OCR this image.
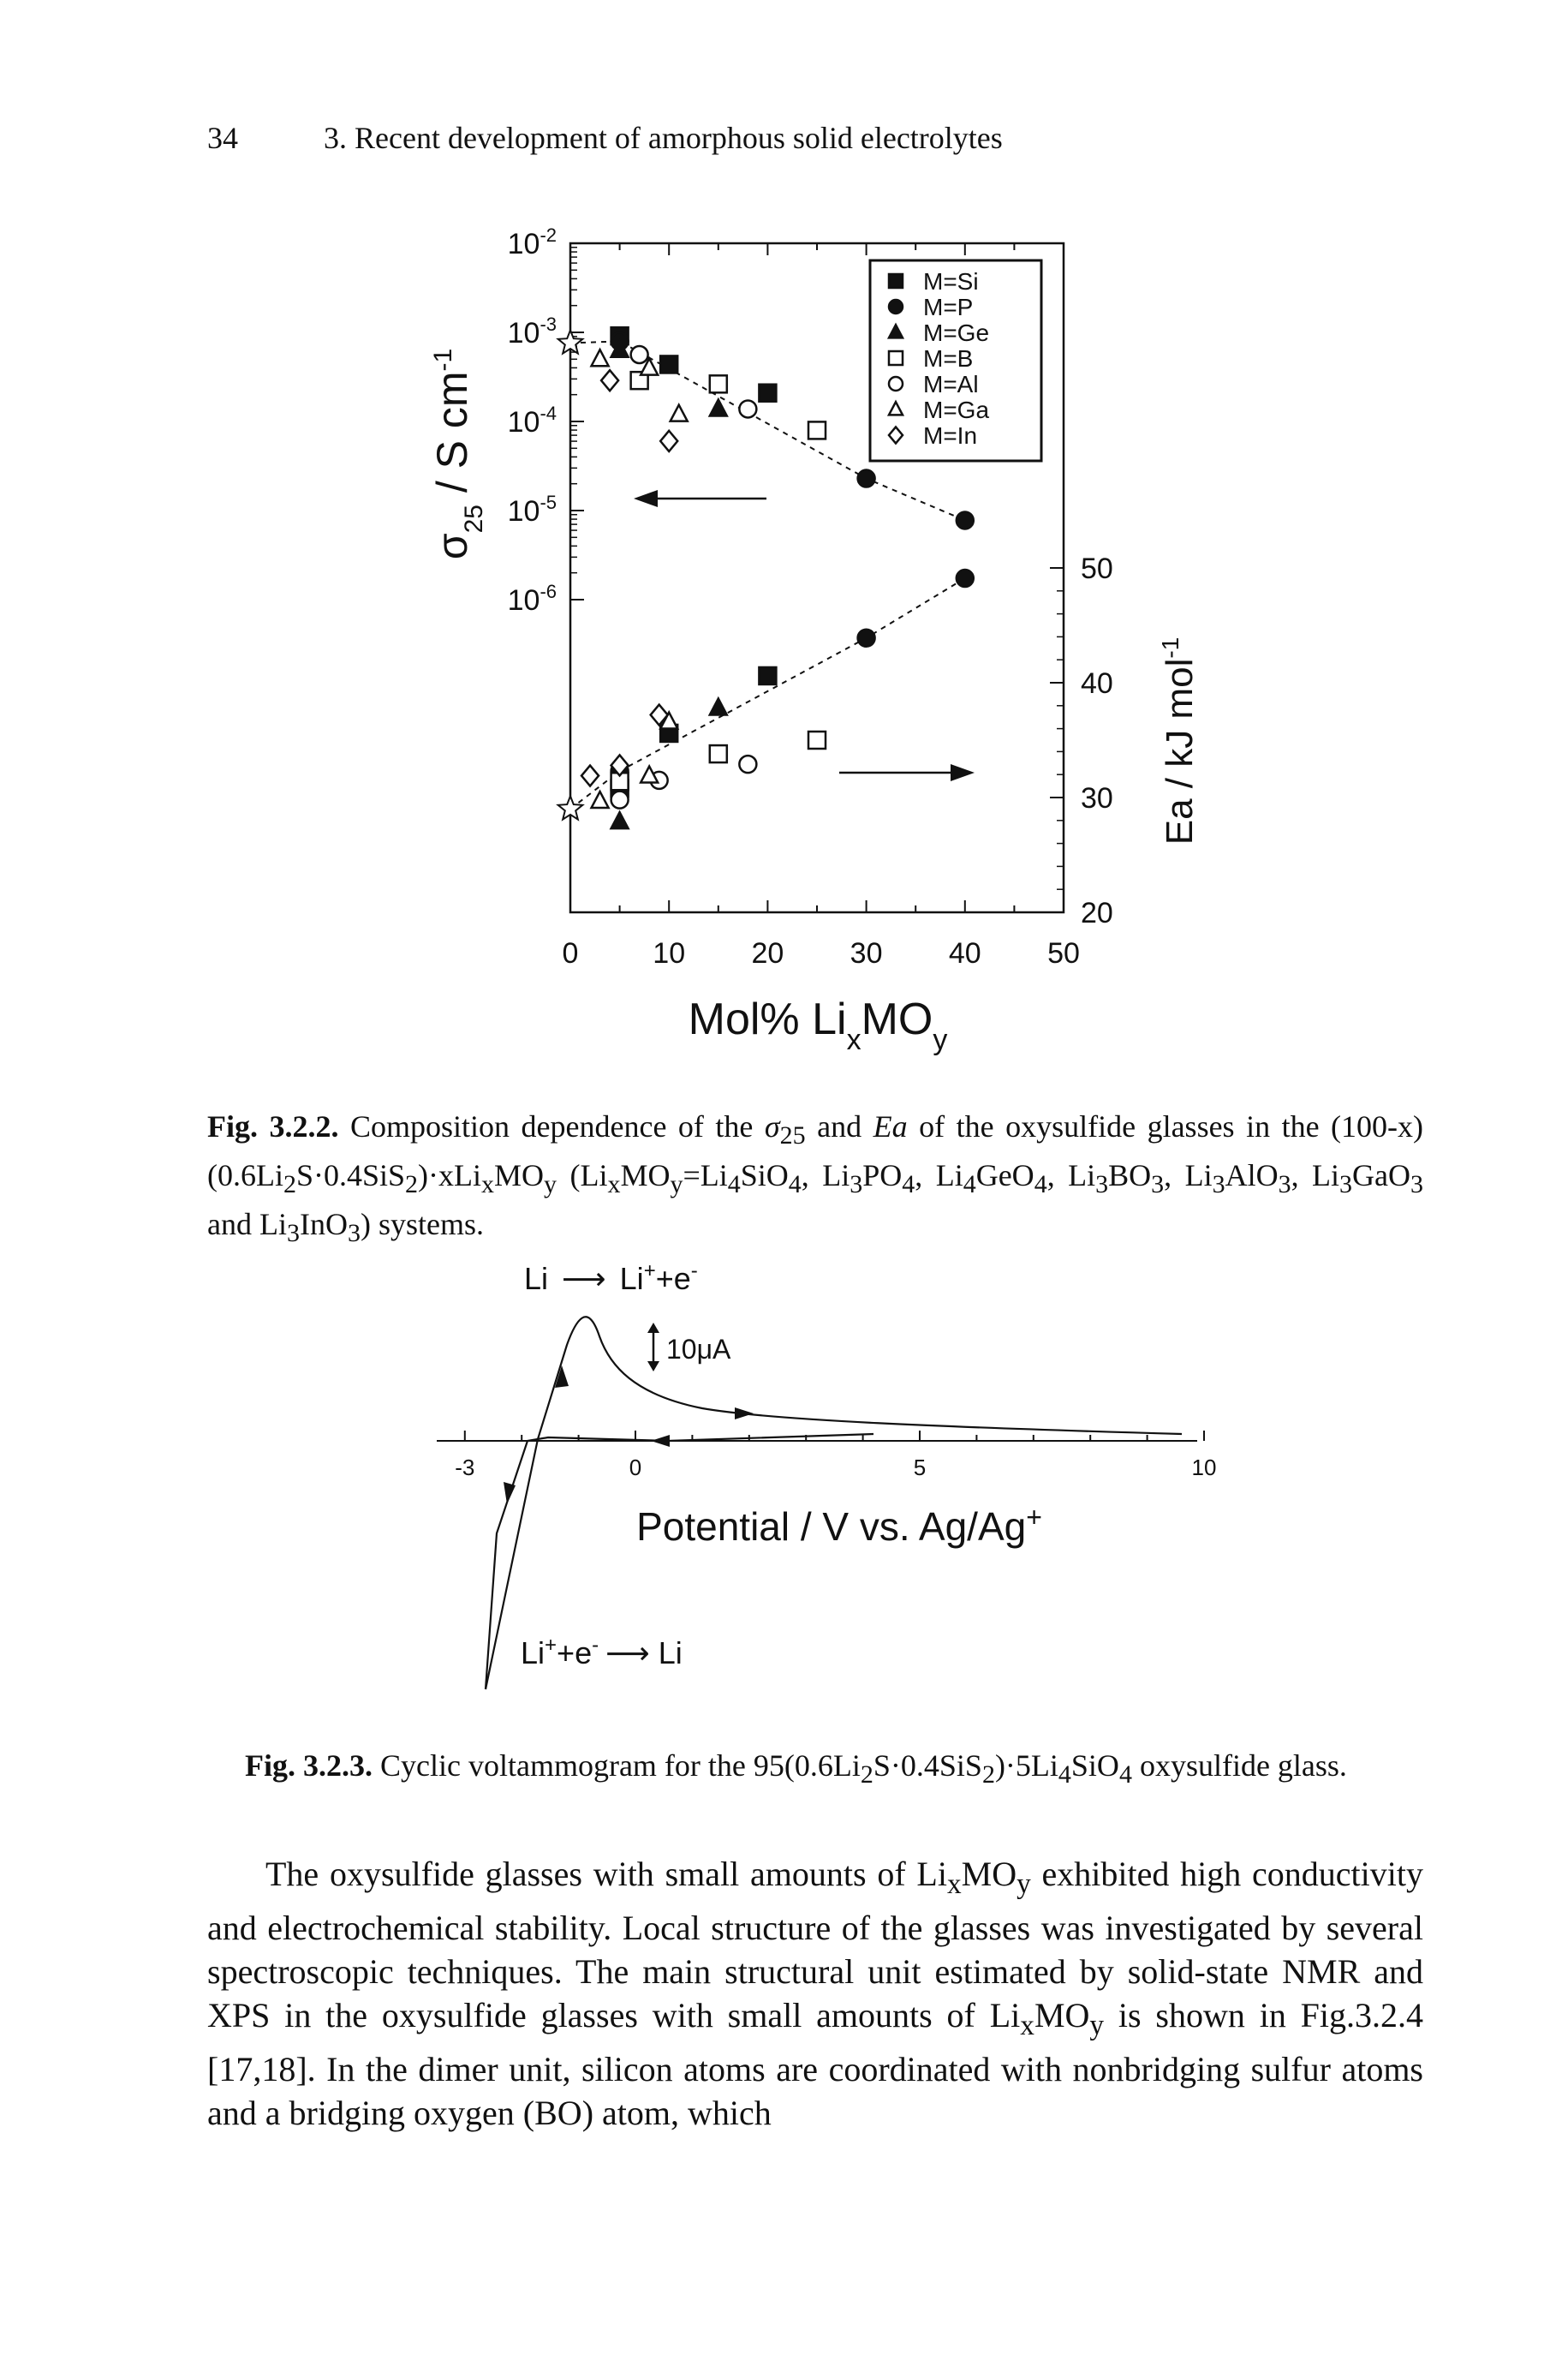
34	3. Recent development of amorphous solid electrolytes
0	10 20 30 40 50
$10^{-2}$
$10^{-3}$
$10^{-4}$
$10^{-5}$
$10^{-6}$
20
30
40
50
M=Si
M=P
M=Ge
M=B
M=Al
M=Ga
M=In
Mol% $Li_xMO_y$
$\sigma_{25}$ / S $cm^{-1}$
Ea / kJ mol$^{-1}$
Fig. 3.2.2. Composition dependence of the $\sigma_{25}$ and Ea of the oxysulfide glasses in the $(100-x)(0.6Li_2S\cdot 0.4SiS_2)\cdot xLi_xMO_y$ ($Li_xMO_y=Li_4SiO_4$, $Li_3PO_4$, $Li_4GeO_4$, $Li_3BO_3$, $Li_3AlO_3$, $Li_3GaO_3$ and $Li_3InO_3$) systems.
-3	0	5	10
Potential / V vs. Ag/Ag+
10μA
Li ⟶ Li++e-
Li++e- ⟶ Li
Fig. 3.2.3. Cyclic voltammogram for the $95(0.6Li_2S\cdot 0.4SiS_2)\cdot 5Li_4SiO_4$ oxysulfide glass.

The oxysulfide glasses with small amounts of $Li_xMO_y$ exhibited high conductivity and electrochemical stability. Local structure of the glasses was investigated by several spectroscopic techniques. The main structural unit estimated by solid-state NMR and XPS in the oxysulfide glasses with small amounts of $Li_xMO_y$ is shown in Fig.3.2.4 [17,18]. In the dimer unit, silicon atoms are coordinated with nonbridging sulfur atoms and a bridging oxygen (BO) atom, which
